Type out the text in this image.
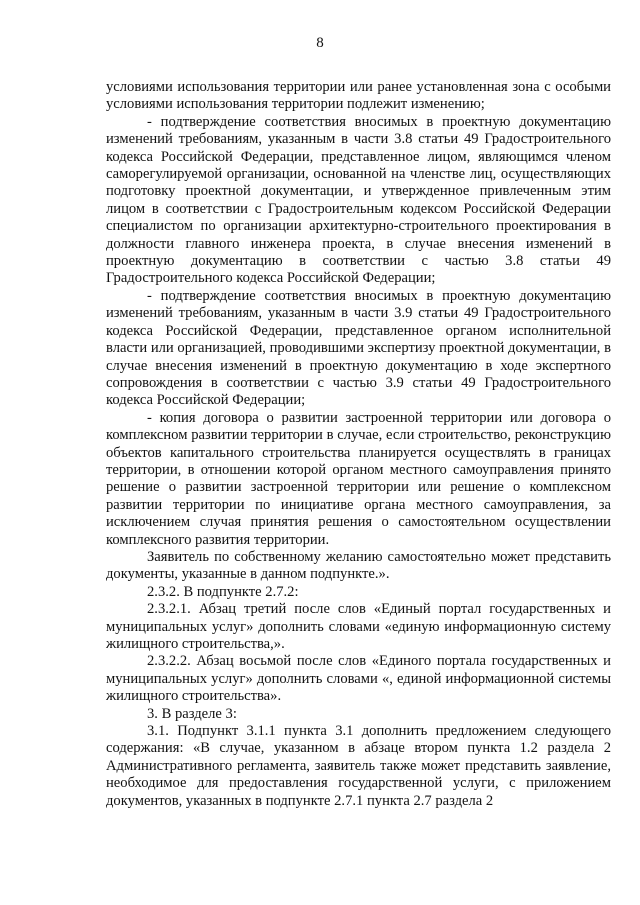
8

условиями использования территории или ранее установленная зона с особыми условиями использования территории подлежит изменению;

- подтверждение соответствия вносимых в проектную документацию изменений требованиям, указанным в части 3.8 статьи 49 Градостроительного кодекса Российской Федерации, представленное лицом, являющимся членом саморегулируемой организации, основанной на членстве лиц, осуществляющих подготовку проектной документации, и утвержденное привлеченным этим лицом в соответствии с Градостроительным кодексом Российской Федерации специалистом по организации архитектурно-строительного проектирования в должности главного инженера проекта, в случае внесения изменений в проектную документацию в соответствии с частью 3.8 статьи 49 Градостроительного кодекса Российской Федерации;

- подтверждение соответствия вносимых в проектную документацию изменений требованиям, указанным в части 3.9 статьи 49 Градостроительного кодекса Российской Федерации, представленное органом исполнительной власти или организацией, проводившими экспертизу проектной документации, в случае внесения изменений в проектную документацию в ходе экспертного сопровождения в соответствии с частью 3.9 статьи 49 Градостроительного кодекса Российской Федерации;

- копия договора о развитии застроенной территории или договора о комплексном развитии территории в случае, если строительство, реконструкцию объектов капитального строительства планируется осуществлять в границах территории, в отношении которой органом местного самоуправления принято решение о развитии застроенной территории или решение о комплексном развитии территории по инициативе органа местного самоуправления, за исключением случая принятия решения о самостоятельном осуществлении комплексного развития территории.

Заявитель по собственному желанию самостоятельно может представить документы, указанные в данном подпункте.».

2.3.2. В подпункте 2.7.2:

2.3.2.1. Абзац третий после слов «Единый портал государственных и муниципальных услуг» дополнить словами «единую информационную систему жилищного строительства,».

2.3.2.2. Абзац восьмой после слов «Единого портала государственных и муниципальных услуг» дополнить словами «, единой информационной системы жилищного строительства».

3. В разделе 3:

3.1. Подпункт 3.1.1 пункта 3.1 дополнить предложением следующего содержания: «В случае, указанном в абзаце втором пункта 1.2 раздела 2 Административного регламента, заявитель также может представить заявление, необходимое для предоставления государственной услуги, с приложением документов, указанных в подпункте 2.7.1 пункта 2.7 раздела 2
